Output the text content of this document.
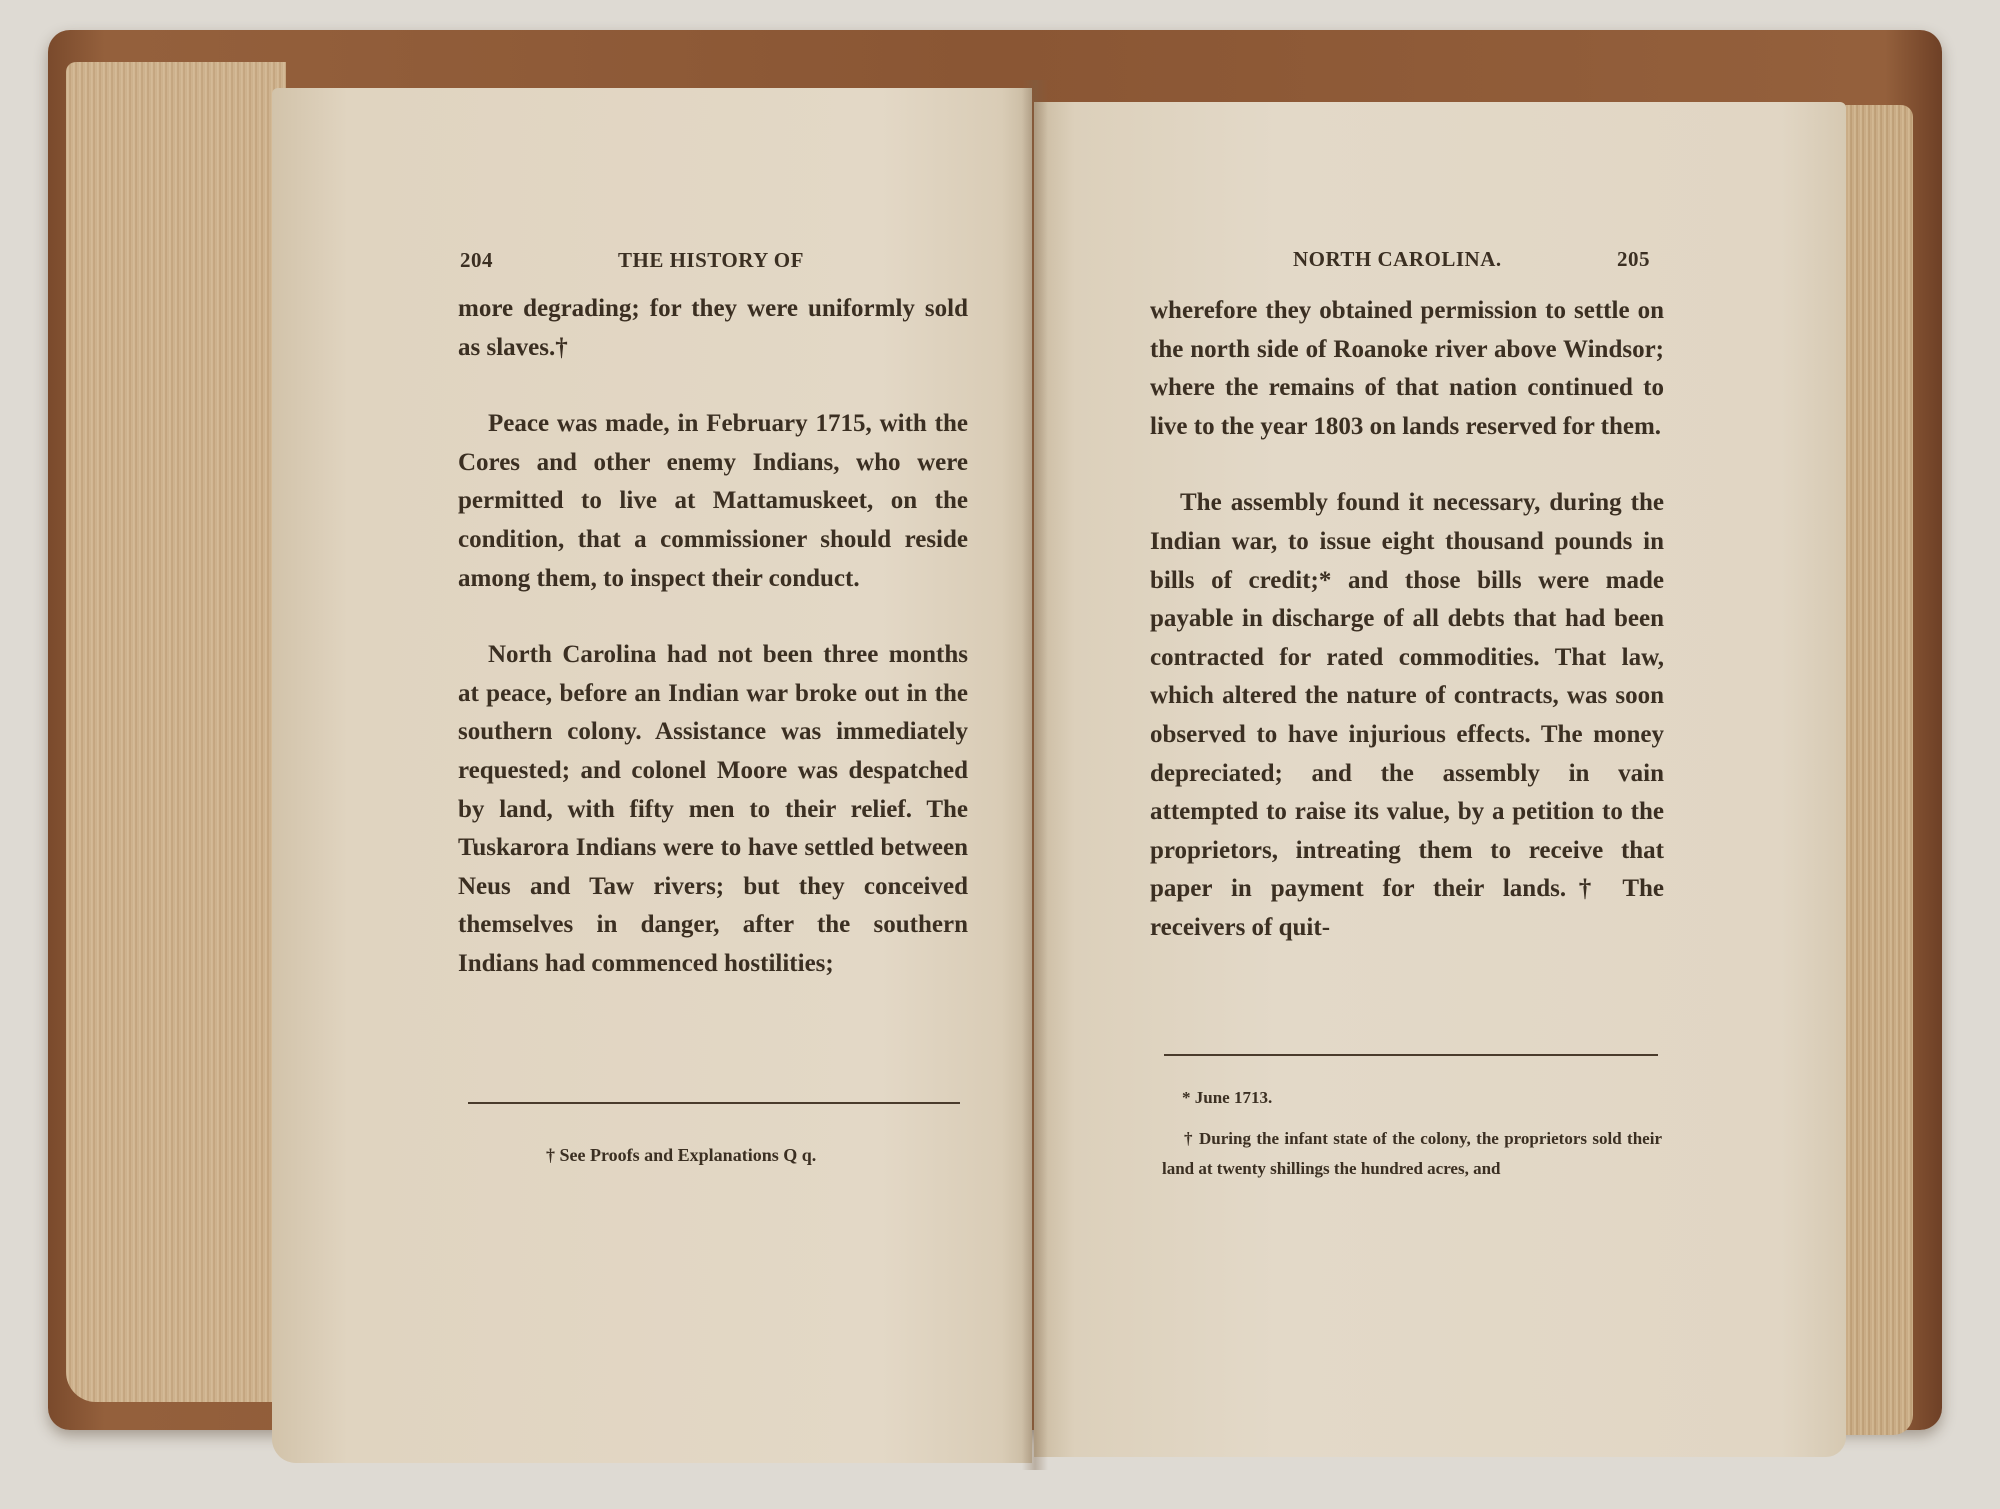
204	THE HISTORY OF

more degrading; for they were uniformly sold as slaves.†

Peace was made, in February 1715, with the Cores and other enemy Indians, who were permitted to live at Mattamuskeet, on the condition, that a commissioner should reside among them, to inspect their conduct.

North Carolina had not been three months at peace, before an Indian war broke out in the southern colony. Assistance was immediately requested; and colonel Moore was despatched by land, with fifty men to their relief. The Tuskarora Indians were to have settled between Neus and Taw rivers; but they conceived themselves in danger, after the southern Indians had commenced hostilities;

† See Proofs and Explanations Q q.
NORTH CAROLINA.	205

wherefore they obtained permission to settle on the north side of Roanoke river above Windsor; where the remains of that nation continued to live to the year 1803 on lands reserved for them.

The assembly found it necessary, during the Indian war, to issue eight thousand pounds in bills of credit;* and those bills were made payable in discharge of all debts that had been contracted for rated commodities. That law, which altered the nature of contracts, was soon observed to have injurious effects. The money depreciated; and the assembly in vain attempted to raise its value, by a petition to the proprietors, intreating them to receive that paper in payment for their lands.† The receivers of quit-

* June 1713.
† During the infant state of the colony, the proprietors sold their land at twenty shillings the hundred acres, and
